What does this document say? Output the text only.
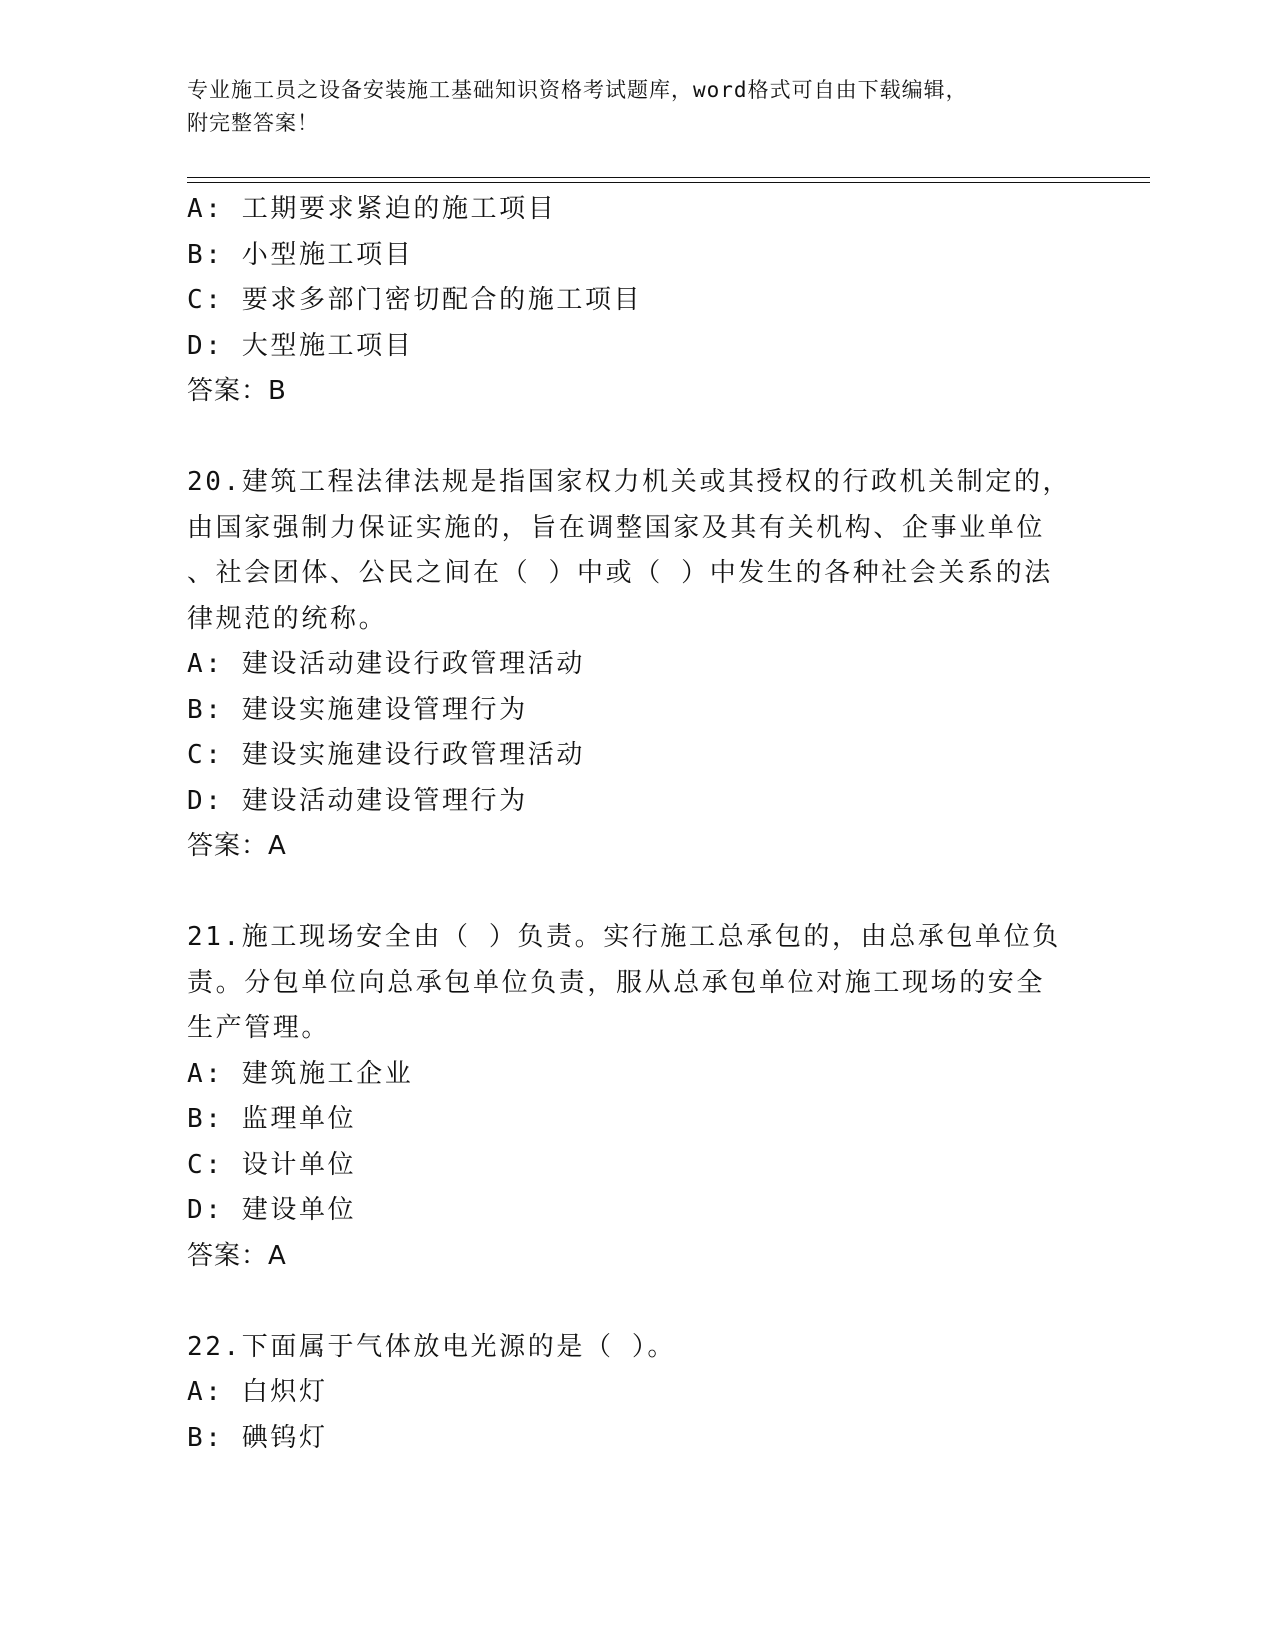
专业施工员之设备安装施工基础知识资格考试题库，word格式可自由下载编辑，
附完整答案！
A: 工期要求紧迫的施工项目
B: 小型施工项目
C: 要求多部门密切配合的施工项目
D: 大型施工项目
答案：B
20.建筑工程法律法规是指国家权力机关或其授权的行政机关制定的，
由国家强制力保证实施的，旨在调整国家及其有关机构、企事业单位
、社会团体、公民之间在（ ）中或（ ）中发生的各种社会关系的法
律规范的统称。
A: 建设活动建设行政管理活动
B: 建设实施建设管理行为
C: 建设实施建设行政管理活动
D: 建设活动建设管理行为
答案：A
21.施工现场安全由（ ）负责。实行施工总承包的，由总承包单位负
责。分包单位向总承包单位负责，服从总承包单位对施工现场的安全
生产管理。
A: 建筑施工企业
B: 监理单位
C: 设计单位
D: 建设单位
答案：A
22.下面属于气体放电光源的是（ ）。
A: 白炽灯
B: 碘钨灯
